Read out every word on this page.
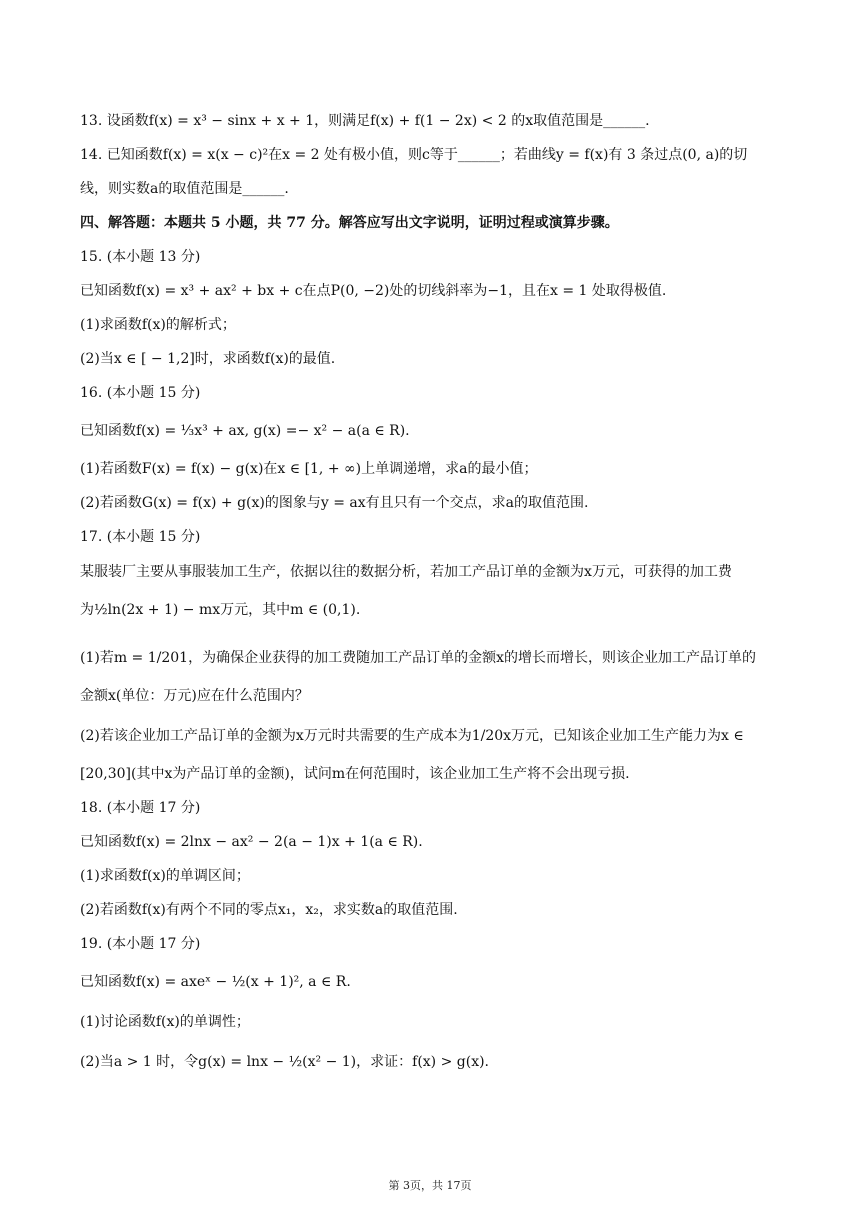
13. 设函数f(x) = x³ − sinx + x + 1，则满足f(x) + f(1 − 2x) < 2 的x取值范围是______.
14. 已知函数f(x) = x(x − c)²在x = 2 处有极小值，则c等于______；若曲线y = f(x)有 3 条过点(0, a)的切
线，则实数a的取值范围是______.
四、解答题：本题共 5 小题，共 77 分。解答应写出文字说明，证明过程或演算步骤。
15. (本小题 13 分)
已知函数f(x) = x³ + ax² + bx + c在点P(0, −2)处的切线斜率为−1，且在x = 1 处取得极值.
(1)求函数f(x)的解析式；
(2)当x ∈ [ − 1,2]时，求函数f(x)的最值.
16. (本小题 15 分)
已知函数f(x) = ⅓x³ + ax, g(x) =− x² − a(a ∈ R).
(1)若函数F(x) = f(x) − g(x)在x ∈ [1, + ∞)上单调递增，求a的最小值；
(2)若函数G(x) = f(x) + g(x)的图象与y = ax有且只有一个交点，求a的取值范围.
17. (本小题 15 分)
某服装厂主要从事服装加工生产，依据以往的数据分析，若加工产品订单的金额为x万元，可获得的加工费
为½ln(2x + 1) − mx万元，其中m ∈ (0,1).
(1)若m = 1/201，为确保企业获得的加工费随加工产品订单的金额x的增长而增长，则该企业加工产品订单的
金额x(单位：万元)应在什么范围内？
(2)若该企业加工产品订单的金额为x万元时共需要的生产成本为1/20x万元，已知该企业加工生产能力为x ∈
[20,30](其中x为产品订单的金额)，试问m在何范围时，该企业加工生产将不会出现亏损.
18. (本小题 17 分)
已知函数f(x) = 2lnx − ax² − 2(a − 1)x + 1(a ∈ R).
(1)求函数f(x)的单调区间；
(2)若函数f(x)有两个不同的零点x₁，x₂，求实数a的取值范围.
19. (本小题 17 分)
已知函数f(x) = axeˣ − ½(x + 1)², a ∈ R.
(1)讨论函数f(x)的单调性；
(2)当a > 1 时，令g(x) = lnx − ½(x² − 1)，求证：f(x) > g(x).
第 3页，共 17页
